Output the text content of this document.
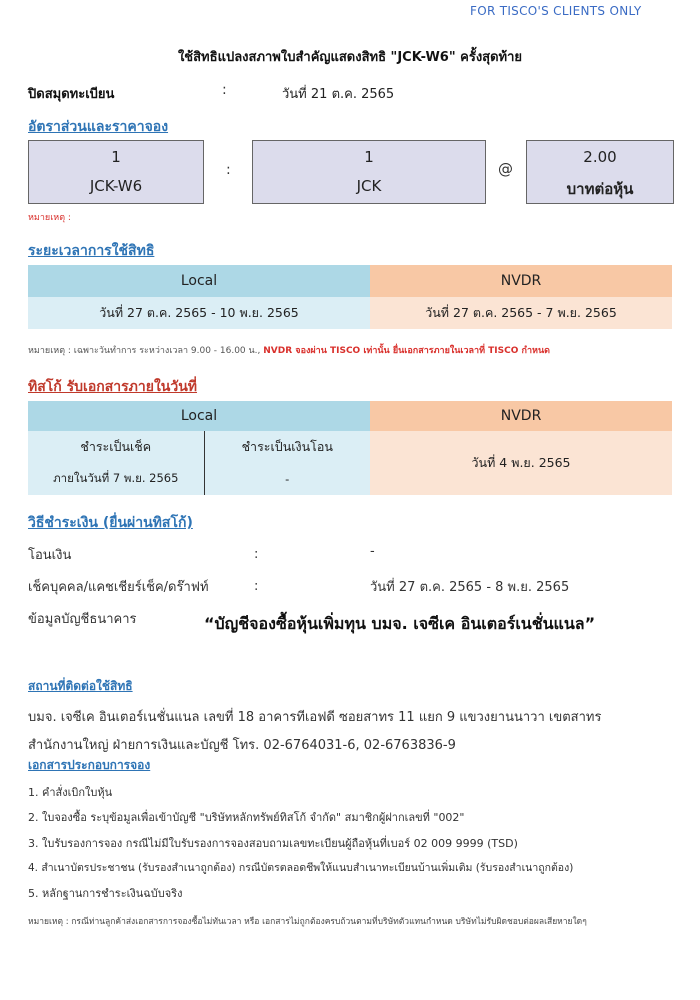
FOR TISCO'S CLIENTS ONLY
ใช้สิทธิแปลงสภาพใบสำคัญแสดงสิทธิ "JCK-W6" ครั้งสุดท้าย
ปิดสมุดทะเบียน	:	วันที่ 21 ต.ค. 2565
อัตราส่วนและราคาจอง
1
JCK-W6
:
1
JCK
@
2.00
บาทต่อหุ้น
หมายเหตุ :
ระยะเวลาการใช้สิทธิ
Local	NVDR
วันที่ 27 ต.ค. 2565 - 10 พ.ย. 2565	วันที่ 27 ต.ค. 2565 - 7 พ.ย. 2565
หมายเหตุ : เฉพาะวันทำการ ระหว่างเวลา 9.00 - 16.00 น., NVDR จองผ่าน TISCO เท่านั้น ยื่นเอกสารภายในเวลาที่ TISCO กำหนด
ทิสโก้ รับเอกสารภายในวันที่
Local		NVDR
ชำระเป็นเช็ค	ชำระเป็นเงินโอน	วันที่ 4 พ.ย. 2565
ภายในวันที่ 7 พ.ย. 2565	-	
วิธีชำระเงิน (ยื่นผ่านทิสโก้)
โอนเงิน	:	-
เช็คบุคคล/แคชเชียร์เช็ค/ดร๊าฟท์	:	วันที่ 27 ต.ค. 2565 - 8 พ.ย. 2565
ข้อมูลบัญชีธนาคาร	“บัญชีจองซื้อหุ้นเพิ่มทุน บมจ. เจซีเค อินเตอร์เนชั่นแนล”
สถานที่ติดต่อใช้สิทธิ
บมจ. เจซีเค อินเตอร์เนชั่นแนล เลขที่ 18 อาคารทีเอฟดี ซอยสาทร 11 แยก 9 แขวงยานนาวา เขตสาทร
สำนักงานใหญ่ ฝ่ายการเงินและบัญชี โทร. 02-6764031-6, 02-6763836-9
เอกสารประกอบการจอง
1. คำสั่งเบิกใบหุ้น
2. ใบจองซื้อ ระบุข้อมูลเพื่อเข้าบัญชี "บริษัทหลักทรัพย์ทิสโก้ จำกัด" สมาชิกผู้ฝากเลขที่ "002"
3. ใบรับรองการจอง กรณีไม่มีใบรับรองการจองสอบถามเลขทะเบียนผู้ถือหุ้นที่เบอร์ 02 009 9999 (TSD)
4. สำเนาบัตรประชาชน (รับรองสำเนาถูกต้อง) กรณีบัตรตลอดชีพให้แนบสำเนาทะเบียนบ้านเพิ่มเติม (รับรองสำเนาถูกต้อง)
5. หลักฐานการชำระเงินฉบับจริง
หมายเหตุ : กรณีท่านลูกค้าส่งเอกสารการจองซื้อไม่ทันเวลา หรือ เอกสารไม่ถูกต้องครบถ้วนตามที่บริษัทตัวแทนกำหนด บริษัทไม่รับผิดชอบต่อผลเสียหายใดๆ
